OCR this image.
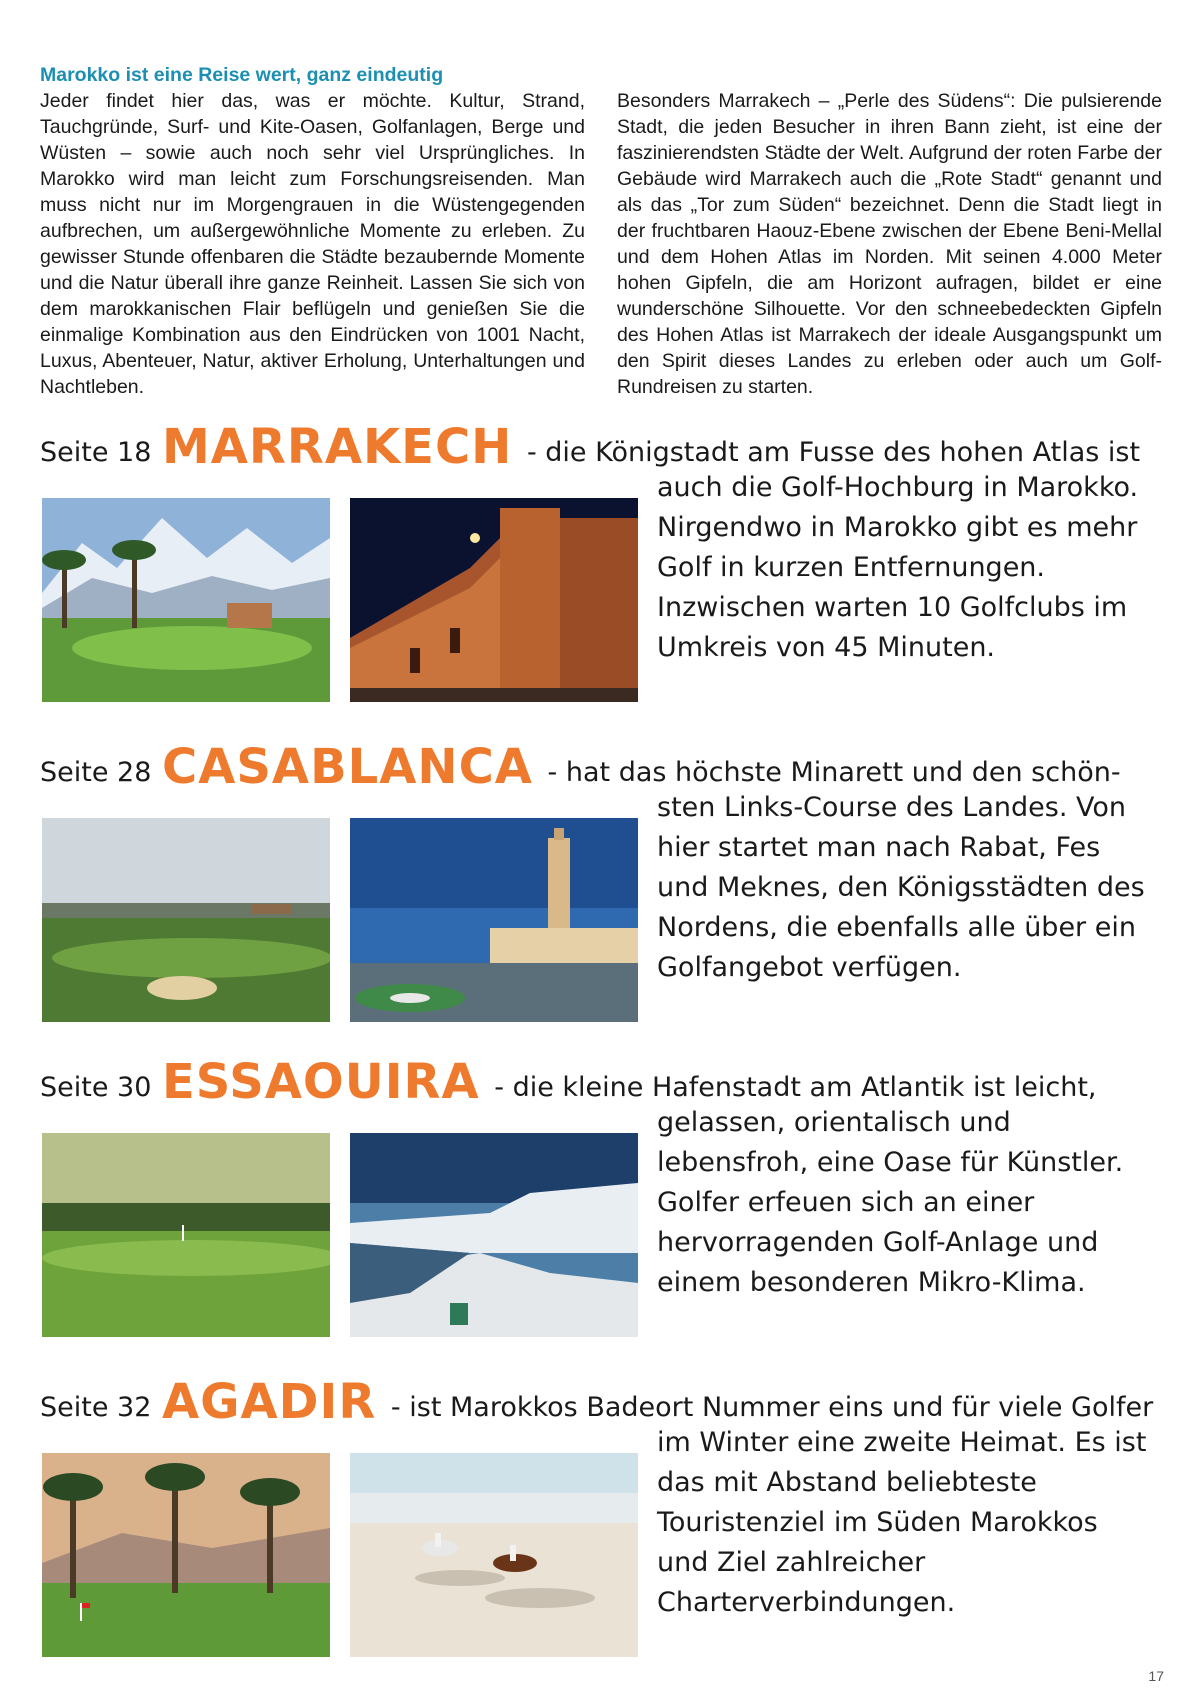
Marokko ist eine Reise wert, ganz eindeutig
Jeder findet hier das, was er möchte. Kultur, Strand, Tauchgründe, Surf- und Kite-Oasen, Golfanlagen, Berge und Wüsten – sowie auch noch sehr viel Ursprüngliches. In Marokko wird man leicht zum Forschungsreisenden. Man muss nicht nur im Morgengrauen in die Wüstengegenden aufbrechen, um außergewöhnliche Momente zu erleben. Zu gewisser Stunde offenbaren die Städte bezaubernde Momente und die Natur überall ihre ganze Reinheit. Lassen Sie sich von dem marokkanischen Flair beflügeln und genießen Sie die einmalige Kombination aus den Eindrücken von 1001 Nacht, Luxus, Abenteuer, Natur, aktiver Erholung, Unterhaltungen und Nachtleben.
Besonders Marrakech – „Perle des Südens“: Die pulsierende Stadt, die jeden Besucher in ihren Bann zieht, ist eine der faszinierendsten Städte der Welt. Aufgrund der roten Farbe der Gebäude wird Marrakech auch die „Rote Stadt“ genannt und als das „Tor zum Süden“ bezeichnet. Denn die Stadt liegt in der fruchtbaren Haouz-Ebene zwischen der Ebene Beni-Mellal und dem Hohen Atlas im Norden. Mit seinen 4.000 Meter hohen Gipfeln, die am Horizont aufragen, bildet er eine wunderschöne Silhouette. Vor den schneebedeckten Gipfeln des Hohen Atlas ist Marrakech der ideale Ausgangspunkt um den Spirit dieses Landes zu erleben oder auch um Golf-Rundreisen zu starten.
Seite 18 MARRAKECH - die Königstadt am Fusse des hohen Atlas ist
auch die Golf-Hochburg in Marokko. Nirgendwo in Marokko gibt es mehr Golf in kurzen Entfernungen. Inzwischen warten 10 Golfclubs im Umkreis von 45 Minuten.
Seite 28 CASABLANCA - hat das höchste Minarett und den schön-
sten Links-Course des Landes. Von hier startet man nach Rabat, Fes und Meknes, den Königsstädten des Nordens, die ebenfalls alle über ein Golfangebot verfügen.
Seite 30 ESSAOUIRA - die kleine Hafenstadt am Atlantik ist leicht,
gelassen, orientalisch und lebensfroh, eine Oase für Künstler. Golfer erfeuen sich an einer hervorragenden Golf-Anlage und einem besonderen Mikro-Klima.
Seite 32 AGADIR - ist Marokkos Badeort Nummer eins und für viele Golfer
im Winter eine zweite Heimat. Es ist das mit Abstand beliebteste Touristenziel im Süden Marokkos und Ziel zahlreicher Charterverbindungen.
17
